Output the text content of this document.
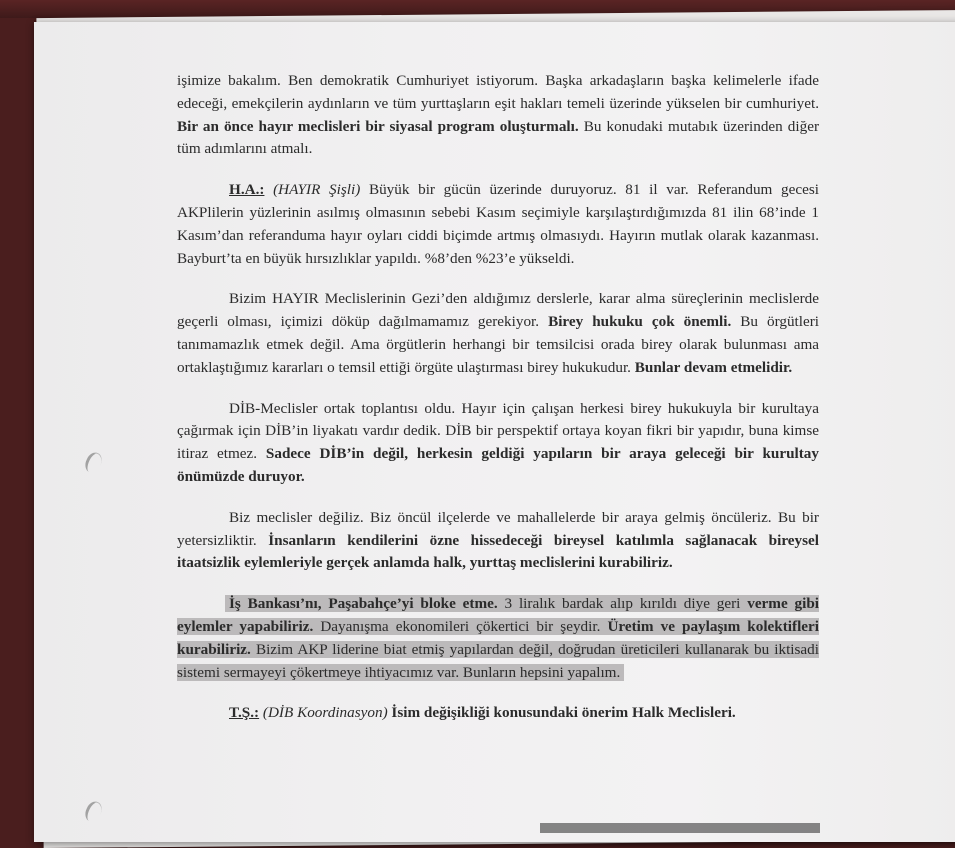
işimize bakalım. Ben demokratik Cumhuriyet istiyorum. Başka arkadaşların başka kelimelerle ifade edeceği, emekçilerin aydınların ve tüm yurttaşların eşit hakları temeli üzerinde yükselen bir cumhuriyet. Bir an önce hayır meclisleri bir siyasal program oluşturmalı. Bu konudaki mutabık üzerinden diğer tüm adımlarını atmalı.

H.A.: (HAYIR Şişli) Büyük bir gücün üzerinde duruyoruz. 81 il var. Referandum gecesi AKPlilerin yüzlerinin asılmış olmasının sebebi Kasım seçimiyle karşılaştırdığımızda 81 ilin 68’inde 1 Kasım’dan referanduma hayır oyları ciddi biçimde artmış olmasıydı. Hayırın mutlak olarak kazanması. Bayburt’ta en büyük hırsızlıklar yapıldı. %8’den %23’e yükseldi.

Bizim HAYIR Meclislerinin Gezi’den aldığımız derslerle, karar alma süreçlerinin meclislerde geçerli olması, içimizi döküp dağılmamamız gerekiyor. Birey hukuku çok önemli. Bu örgütleri tanımamazlık etmek değil. Ama örgütlerin herhangi bir temsilcisi orada birey olarak bulunması ama ortaklaştığımız kararları o temsil ettiği örgüte ulaştırması birey hukukudur. Bunlar devam etmelidir.

DİB-Meclisler ortak toplantısı oldu. Hayır için çalışan herkesi birey hukukuyla bir kurultaya çağırmak için DİB’in liyakatı vardır dedik. DİB bir perspektif ortaya koyan fikri bir yapıdır, buna kimse itiraz etmez. Sadece DİB’in değil, herkesin geldiği yapıların bir araya geleceği bir kurultay önümüzde duruyor.

Biz meclisler değiliz. Biz öncül ilçelerde ve mahallelerde bir araya gelmiş öncüleriz. Bu bir yetersizliktir. İnsanların kendilerini özne hissedeceği bireysel katılımla sağlanacak bireysel itaatsizlik eylemleriyle gerçek anlamda halk, yurttaş meclislerini kurabiliriz.

İş Bankası’nı, Paşabahçe’yi bloke etme. 3 liralık bardak alıp kırıldı diye geri verme gibi eylemler yapabiliriz. Dayanışma ekonomileri çökertici bir şeydir. Üretim ve paylaşım kolektifleri kurabiliriz. Bizim AKP liderine biat etmiş yapılardan değil, doğrudan üreticileri kullanarak bu iktisadi sistemi sermayeyi çökertmeye ihtiyacımız var. Bunların hepsini yapalım.

T.Ş.: (DİB Koordinasyon) İsim değişikliği konusundaki önerim Halk Meclisleri.
